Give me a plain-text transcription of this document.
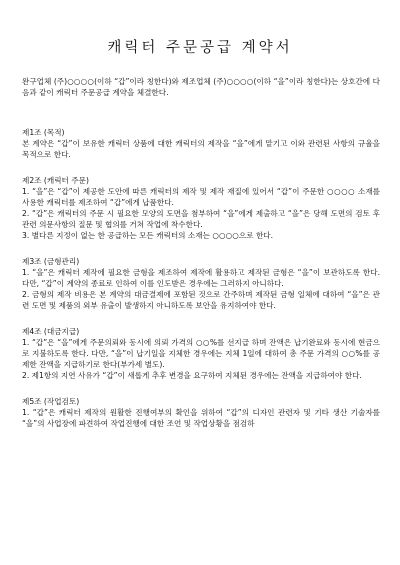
캐릭터 주문공급 계약서

완구업체 (주)○○○○(이하 “갑”이라 칭한다)와 제조업체 (주)○○○○(이하 “을”이라 칭한다)는 상호간에 다음과 같이 캐릭터 주문공급 계약을 체결한다.

제1조 (목적)

본 계약은 “갑”이 보유한 캐릭터 상품에 대한 캐릭터의 제작을 “을”에게 맡기고 이와 관련된 사항의 규율을 목적으로 한다.

제2조 (캐릭터 주문)

1. “을”은 “갑”이 제공한 도안에 따른 캐릭터의 제작 및 제작 재질에 있어서 “갑”이 주문한 ○○○○ 소재를 사용한 캐릭터를 제조하여 “갑”에게 납품한다.

2. “갑”은 캐릭터의 주문 시 필요한 모양의 도면을 첨부하여 “을”에게 제출하고 “을”은 당해 도면의 검토 후 관련 의문사항의 질문 및 협의를 거쳐 작업에 착수한다.

3. 별다른 지정이 없는 한 공급하는 모든 캐릭터의 소재는 ○○○○으로 한다.

제3조 (금형관리)

1. “을”은 캐릭터 제작에 필요한 금형을 제조하여 제작에 활용하고 제작된 금형은 “을”이 보관하도록 한다. 다만, “갑”이 계약의 종료로 인하여 이를 인도받은 경우에는 그러하지 아니하다.

2. 금형의 제작 비용은 본 계약의 대금결제에 포함된 것으로 간주하며 제작된 금형 일체에 대하여 “을”은 관련 도면 및 제품의 외부 유출이 발생하지 아니하도록 보안을 유지하여야 한다.

제4조 (대금지급)

1. “갑”은 “을”에게 주문의뢰와 동시에 의뢰 가격의 ○○%를 선지급 하며 잔액은 납기완료와 동시에 현금으로 지불하도록 한다. 다만, “을”이 납기일을 지체한 경우에는 지체 1일에 대하여 총 주문 가격의 ○○%를 공제한 잔액을 지급하기로 한다(부가세 별도).

2. 제1항의 지연 사유가 “갑”이 새롭게 추후 변경을 요구하여 지체된 경우에는 잔액을 지급하여야 한다.

제5조 (작업검토)

1. “갑”은 캐릭터 제작의 원활한 진행여부의 확인을 위하여 “갑”의 디자인 관련자 및 기타 생산 기술자를 “을”의 사업장에 파견하여 작업진행에 대한 조언 및 작업상황을 점검하
